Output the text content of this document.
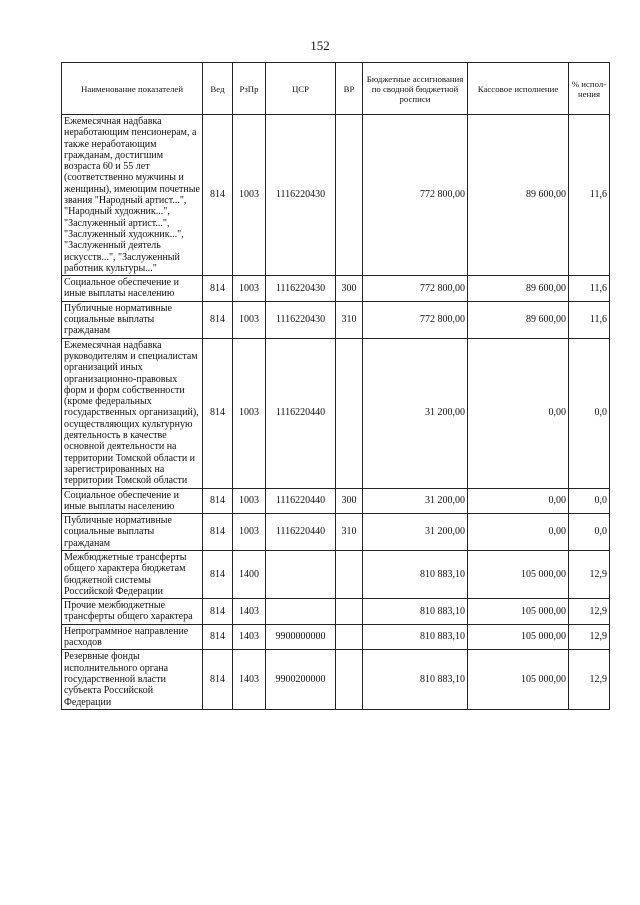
152
Наименование показателей	Вед	РзПр	ЦСР	ВР	Бюджетные ассигнования по сводной бюджетной росписи	Кассовое исполнение	% испол-нения
Ежемесячная надбавка неработающим пенсионерам, а также неработающим гражданам, достигшим возраста 60 и 55 лет (соответственно мужчины и женщины), имеющим почетные звания "Народный артист...", "Народный художник...", "Заслуженный артист...", "Заслуженный художник...", "Заслуженный деятель искусств...", "Заслуженный работник культуры..."	814	1003	1116220430		772 800,00	89 600,00	11,6
Социальное обеспечение и иные выплаты населению	814	1003	1116220430	300	772 800,00	89 600,00	11,6
Публичные нормативные социальные выплаты гражданам	814	1003	1116220430	310	772 800,00	89 600,00	11,6
Ежемесячная надбавка руководителям и специалистам организаций иных организационно-правовых форм и форм собственности (кроме федеральных государственных организаций), осуществляющих культурную деятельность в качестве основной деятельности на территории Томской области и зарегистрированных на территории Томской области	814	1003	1116220440		31 200,00	0,00	0,0
Социальное обеспечение и иные выплаты населению	814	1003	1116220440	300	31 200,00	0,00	0,0
Публичные нормативные социальные выплаты гражданам	814	1003	1116220440	310	31 200,00	0,00	0,0
Межбюджетные трансферты общего характера бюджетам бюджетной системы Российской Федерации	814	1400			810 883,10	105 000,00	12,9
Прочие межбюджетные трансферты общего характера	814	1403			810 883,10	105 000,00	12,9
Непрограммное направление расходов	814	1403	9900000000		810 883,10	105 000,00	12,9
Резервные фонды исполнительного органа государственной власти субъекта Российской Федерации	814	1403	9900200000		810 883,10	105 000,00	12,9
